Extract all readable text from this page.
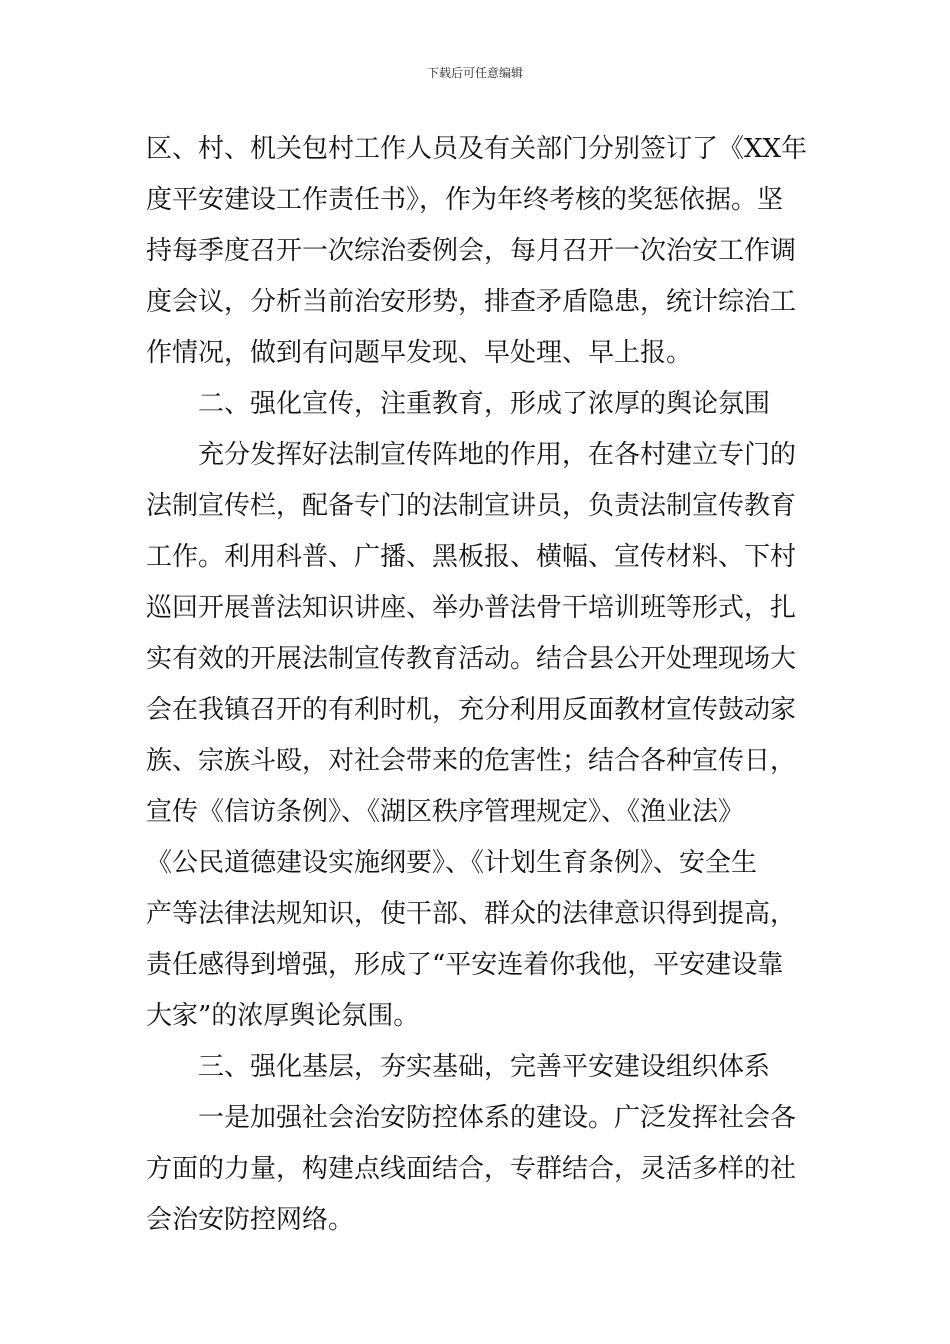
下载后可任意编辑
区、村、机关包村工作人员及有关部门分别签订了《XX年
度平安建设工作责任书》，作为年终考核的奖惩依据。坚
持每季度召开一次综治委例会，每月召开一次治安工作调
度会议，分析当前治安形势，排查矛盾隐患，统计综治工
作情况，做到有问题早发现、早处理、早上报。
二、强化宣传，注重教育，形成了浓厚的舆论氛围
充分发挥好法制宣传阵地的作用，在各村建立专门的
法制宣传栏，配备专门的法制宣讲员，负责法制宣传教育
工作。利用科普、广播、黑板报、横幅、宣传材料、下村
巡回开展普法知识讲座、举办普法骨干培训班等形式，扎
实有效的开展法制宣传教育活动。结合县公开处理现场大
会在我镇召开的有利时机，充分利用反面教材宣传鼓动家
族、宗族斗殴，对社会带来的危害性；结合各种宣传日，
宣传《信访条例》、《湖区秩序管理规定》、《渔业法》
《公民道德建设实施纲要》、《计划生育条例》、安全生
产等法律法规知识，使干部、群众的法律意识得到提高，
责任感得到增强，形成了“平安连着你我他，平安建设靠
大家”的浓厚舆论氛围。
三、强化基层，夯实基础，完善平安建设组织体系
一是加强社会治安防控体系的建设。广泛发挥社会各
方面的力量，构建点线面结合，专群结合，灵活多样的社
会治安防控网络。
